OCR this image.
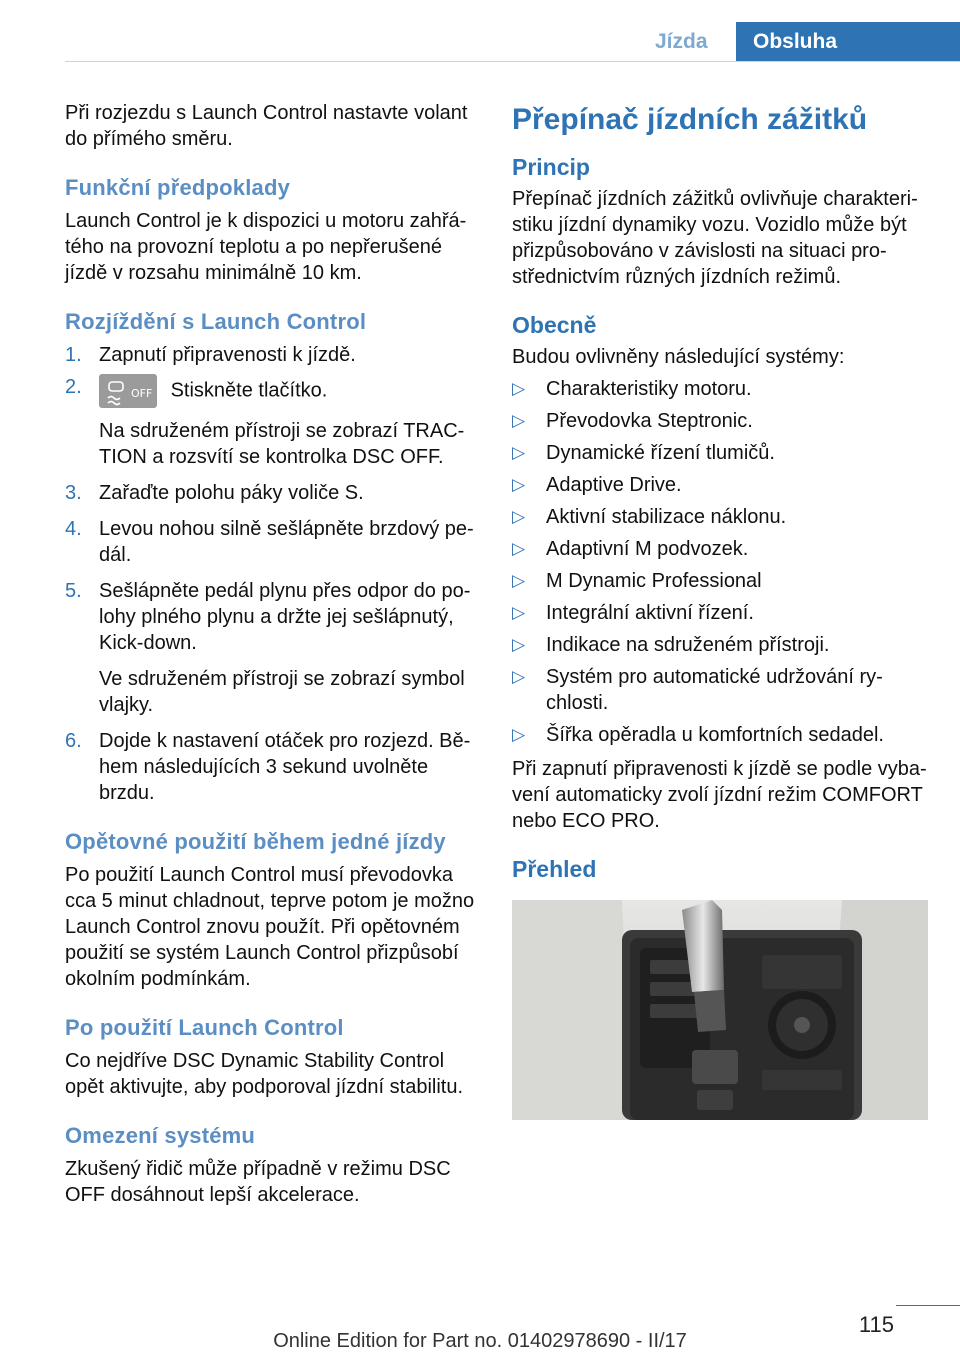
Jízda	Obsluha

Při rozjezdu s Launch Control nastavte volant do přímého směru.

Funkční předpoklady

Launch Control je k dispozici u motoru zahřá‐tého na provozní teplotu a po nepřerušené jízdě v rozsahu minimálně 10 km.

Rozjíždění s Launch Control
1. Zapnutí připravenosti k jízdě.
2.	OFF Stiskněte tlačítko.
Na sdruženém přístroji se zobrazí TRAC‐TION a rozsvítí se kontrolka DSC OFF.
3. Zařaďte polohu páky voliče S.
4. Levou nohou silně sešlápněte brzdový pe‐dál.
5. Sešlápněte pedál plynu přes odpor do po‐lohy plného plynu a držte jej sešlápnutý, Kick-down.
Ve sdruženém přístroji se zobrazí symbol vlajky.
6. Dojde k nastavení otáček pro rozjezd. Bě‐hem následujících 3 sekund uvolněte brzdu.
Opětovné použití během jedné jízdy

Po použití Launch Control musí převodovka cca 5 minut chladnout, teprve potom je možno Launch Control znovu použít. Při opětovném použití se systém Launch Control přizpůsobí okolním podmínkám.

Po použití Launch Control

Co nejdříve DSC Dynamic Stability Control opět aktivujte, aby podporoval jízdní stabilitu.

Omezení systému

Zkušený řidič může případně v režimu DSC OFF dosáhnout lepší akcelerace.

Přepínač jízdních zážitků
Princip

Přepínač jízdních zážitků ovlivňuje charakteri‐stiku jízdní dynamiky vozu. Vozidlo může být přizpůsobováno v závislosti na situaci pro‐střednictvím různých jízdních režimů.

Obecně

Budou ovlivněny následující systémy:

▷ Charakteristiky motoru.
▷ Převodovka Steptronic.
▷ Dynamické řízení tlumičů.
▷ Adaptive Drive.
▷ Aktivní stabilizace náklonu.
▷ Adaptivní M podvozek.
▷ M Dynamic Professional
▷ Integrální aktivní řízení.
▷ Indikace na sdruženém přístroji.
▷ Systém pro automatické udržování ry‐chlosti.
▷ Šířka opěradla u komfortních sedadel.

Při zapnutí připravenosti k jízdě se podle vyba‐vení automaticky zvolí jízdní režim COMFORT nebo ECO PRO.

Přehled
115
Online Edition for Part no. 01402978690 - II/17
